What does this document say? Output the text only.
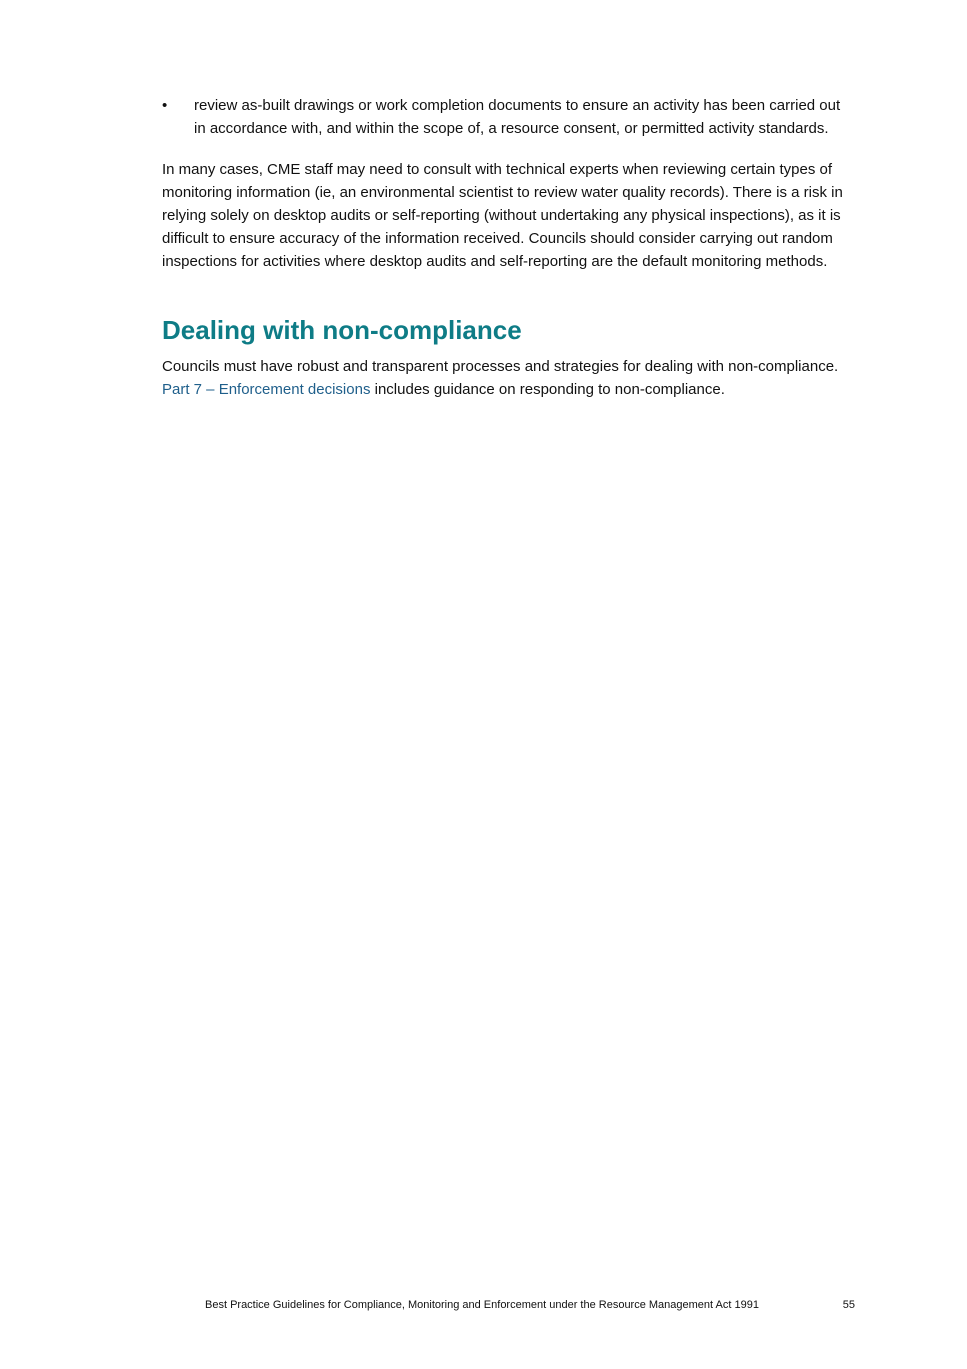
• review as-built drawings or work completion documents to ensure an activity has been carried out in accordance with, and within the scope of, a resource consent, or permitted activity standards.

In many cases, CME staff may need to consult with technical experts when reviewing certain types of monitoring information (ie, an environmental scientist to review water quality records). There is a risk in relying solely on desktop audits or self-reporting (without undertaking any physical inspections), as it is difficult to ensure accuracy of the information received. Councils should consider carrying out random inspections for activities where desktop audits and self-reporting are the default monitoring methods.

Dealing with non-compliance

Councils must have robust and transparent processes and strategies for dealing with non-compliance. Part 7 – Enforcement decisions includes guidance on responding to non-compliance.

Best Practice Guidelines for Compliance, Monitoring and Enforcement under the Resource Management Act 1991	55
